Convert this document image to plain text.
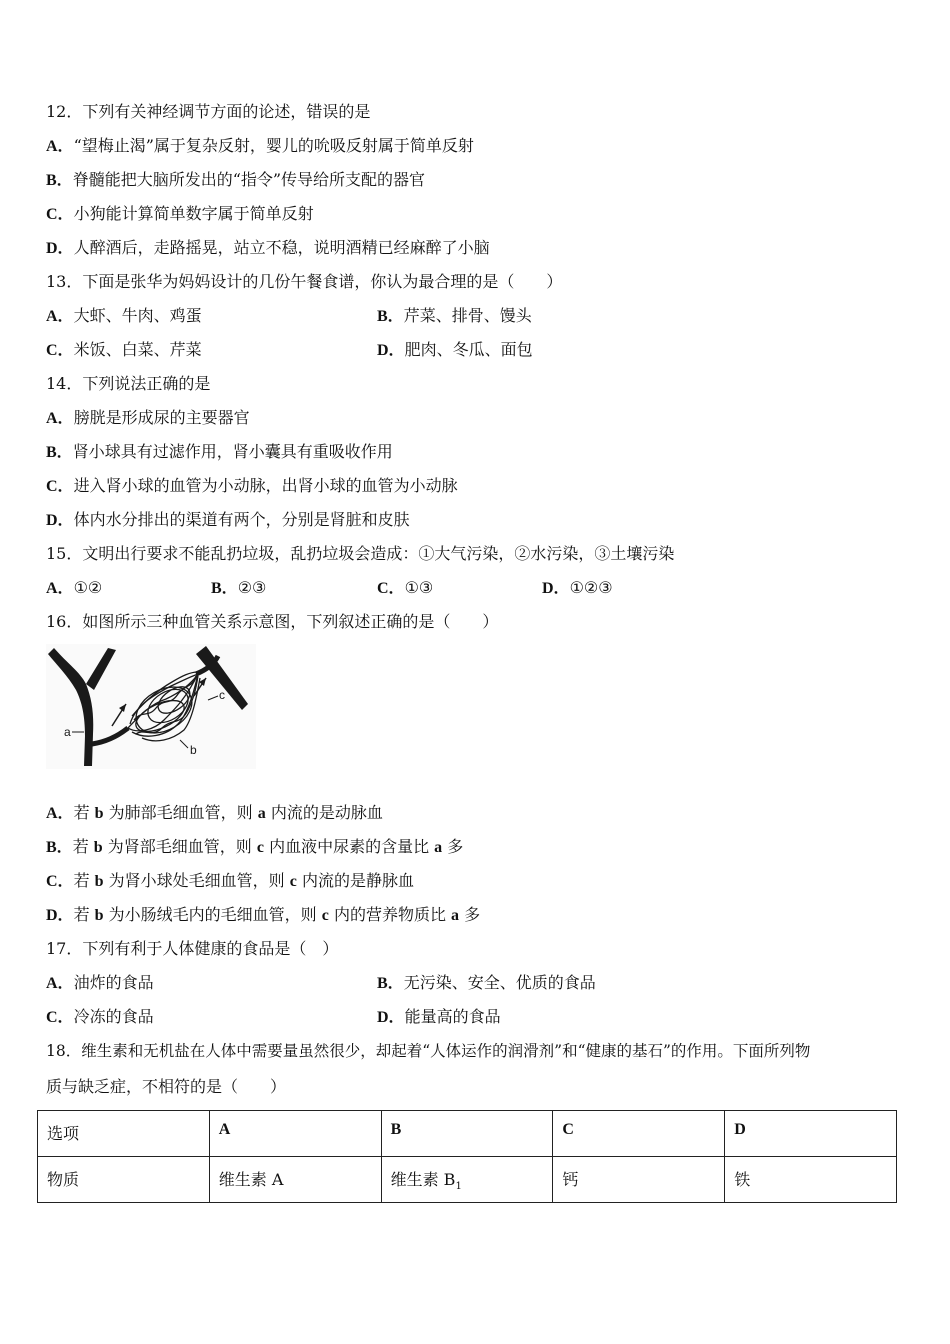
12．下列有关神经调节方面的论述，错误的是
A．“望梅止渴”属于复杂反射，婴儿的吮吸反射属于简单反射
B．脊髓能把大脑所发出的“指令”传导给所支配的器官
C．小狗能计算简单数字属于简单反射
D．人醉酒后，走路摇晃，站立不稳，说明酒精已经麻醉了小脑
13．下面是张华为妈妈设计的几份午餐食谱，你认为最合理的是（　　）
A．大虾、牛肉、鸡蛋	B．芹菜、排骨、馒头
C．米饭、白菜、芹菜	D．肥肉、冬瓜、面包
14．下列说法正确的是
A．膀胱是形成尿的主要器官
B．肾小球具有过滤作用，肾小囊具有重吸收作用
C．进入肾小球的血管为小动脉，出肾小球的血管为小动脉
D．体内水分排出的渠道有两个，分别是肾脏和皮肤
15．文明出行要求不能乱扔垃圾，乱扔垃圾会造成：①大气污染，②水污染，③土壤污染
A．①②	B．②③	C．①③	D．①②③
16．如图所示三种血管关系示意图，下列叙述正确的是（　　）
a
b
c
A．若 b 为肺部毛细血管，则 a 内流的是动脉血
B．若 b 为肾部毛细血管，则 c 内血液中尿素的含量比 a 多
C．若 b 为肾小球处毛细血管，则 c 内流的是静脉血
D．若 b 为小肠绒毛内的毛细血管，则 c 内的营养物质比 a 多
17．下列有利于人体健康的食品是（　）
A．油炸的食品	B．无污染、安全、优质的食品
C．冷冻的食品	D．能量高的食品
18．维生素和无机盐在人体中需要量虽然很少，却起着“人体运作的润滑剂”和“健康的基石”的作用。下面所列物
质与缺乏症，不相符的是（　　）
选项	A	B	C	D
物质	维生素 A	维生素 $B_1$	钙	铁
